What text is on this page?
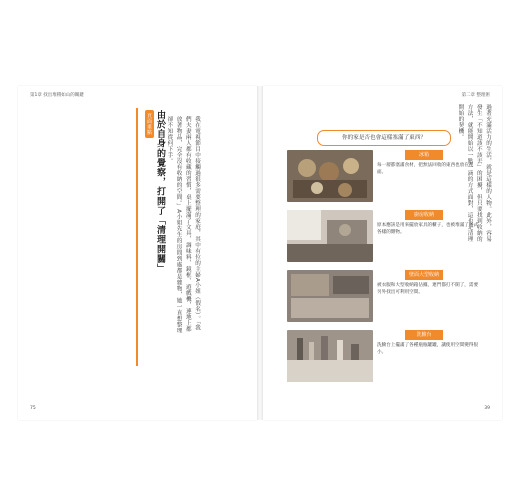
第1章 找出堆積如山的關鍵
頁面重點 由於自身的覺察，打開了「清理開關」	我在電視節目中接觸過很多需要整理的家庭，其中有位的主婦A小姐（假名）。「我們夫妻兩人都有收藏的習慣，桌上擺滿了文具、調味料、鏡框、遊戲機，連地上都放著物品，完全沒有收納的空間。」A小姐先生的房間到處都是雜物，她一直想整理卻不知從何下手。
75
第二章 整理術
過著充滿活力的生活，就是這樣的人物。此外，容易發生「不知道該不該丟」的困擾，但只要找到收納的方法，就能開始以一點一滴的方式面對，這也是清理開始的契機。
你的家是否也會這樣塞滿了東西？
冰箱
每一層都塞滿食材，把無法回收的東西也放在裡面。
廚房收納
原本應該是用來擺放家具的櫃子，也被堆滿了各式各樣的雜物。
壁面大型收納
被衣服和大型收納箱佔據，連門都打不開了，需要另外找出可利用空間。
洗臉台
洗臉台上擺滿了各種瓶瓶罐罐，讓使用空間變得很小。
39
